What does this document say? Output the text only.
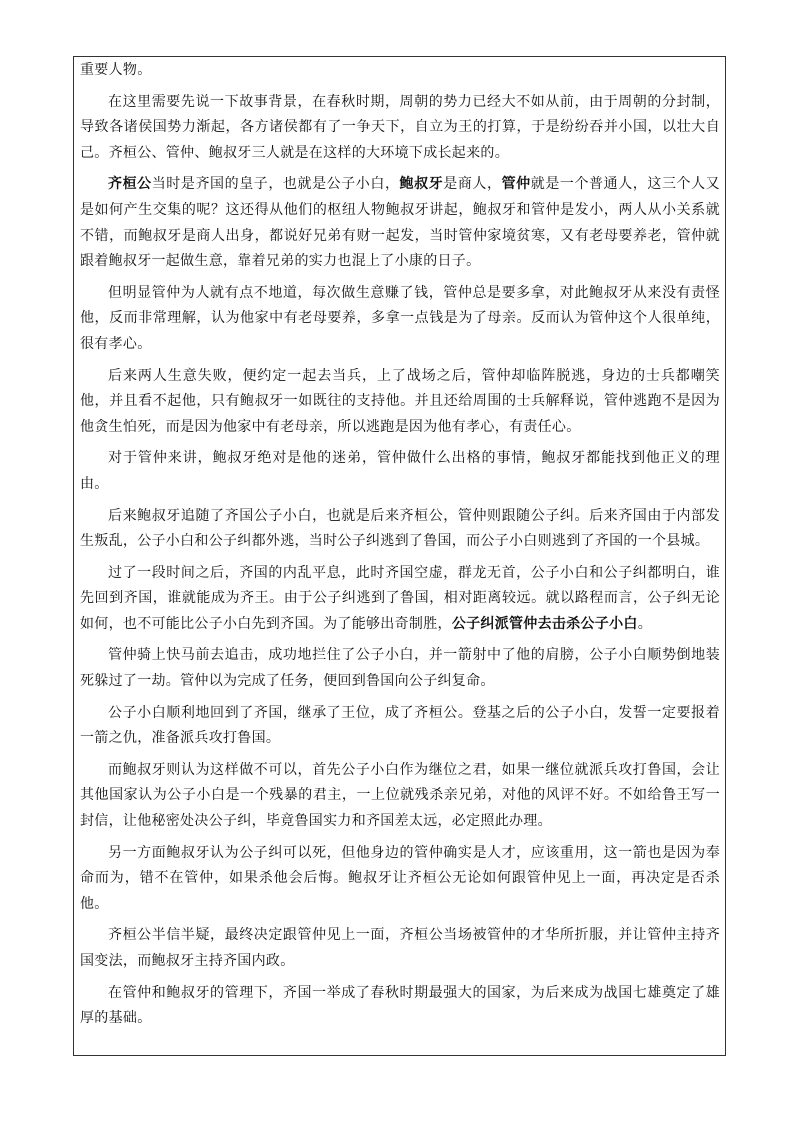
重要人物。

在这里需要先说一下故事背景，在春秋时期，周朝的势力已经大不如从前，由于周朝的分封制，导致各诸侯国势力渐起，各方诸侯都有了一争天下，自立为王的打算，于是纷纷吞并小国，以壮大自己。齐桓公、管仲、鲍叔牙三人就是在这样的大环境下成长起来的。

齐桓公当时是齐国的皇子，也就是公子小白，鲍叔牙是商人，管仲就是一个普通人，这三个人又是如何产生交集的呢？这还得从他们的枢纽人物鲍叔牙讲起，鲍叔牙和管仲是发小，两人从小关系就不错，而鲍叔牙是商人出身，都说好兄弟有财一起发，当时管仲家境贫寒，又有老母要养老，管仲就跟着鲍叔牙一起做生意，靠着兄弟的实力也混上了小康的日子。

但明显管仲为人就有点不地道，每次做生意赚了钱，管仲总是要多拿，对此鲍叔牙从来没有责怪他，反而非常理解，认为他家中有老母要养，多拿一点钱是为了母亲。反而认为管仲这个人很单纯，很有孝心。

后来两人生意失败，便约定一起去当兵，上了战场之后，管仲却临阵脱逃，身边的士兵都嘲笑他，并且看不起他，只有鲍叔牙一如既往的支持他。并且还给周围的士兵解释说，管仲逃跑不是因为他贪生怕死，而是因为他家中有老母亲，所以逃跑是因为他有孝心，有责任心。

对于管仲来讲，鲍叔牙绝对是他的迷弟，管仲做什么出格的事情，鲍叔牙都能找到他正义的理由。

后来鲍叔牙追随了齐国公子小白，也就是后来齐桓公，管仲则跟随公子纠。后来齐国由于内部发生叛乱，公子小白和公子纠都外逃，当时公子纠逃到了鲁国，而公子小白则逃到了齐国的一个县城。

过了一段时间之后，齐国的内乱平息，此时齐国空虚，群龙无首，公子小白和公子纠都明白，谁先回到齐国，谁就能成为齐王。由于公子纠逃到了鲁国，相对距离较远。就以路程而言，公子纠无论如何，也不可能比公子小白先到齐国。为了能够出奇制胜，公子纠派管仲去击杀公子小白。

管仲骑上快马前去追击，成功地拦住了公子小白，并一箭射中了他的肩膀，公子小白顺势倒地装死躲过了一劫。管仲以为完成了任务，便回到鲁国向公子纠复命。

公子小白顺利地回到了齐国，继承了王位，成了齐桓公。登基之后的公子小白，发誓一定要报着一箭之仇，准备派兵攻打鲁国。

而鲍叔牙则认为这样做不可以，首先公子小白作为继位之君，如果一继位就派兵攻打鲁国，会让其他国家认为公子小白是一个残暴的君主，一上位就残杀亲兄弟，对他的风评不好。不如给鲁王写一封信，让他秘密处决公子纠，毕竟鲁国实力和齐国差太远，必定照此办理。

另一方面鲍叔牙认为公子纠可以死，但他身边的管仲确实是人才，应该重用，这一箭也是因为奉命而为，错不在管仲，如果杀他会后悔。鲍叔牙让齐桓公无论如何跟管仲见上一面，再决定是否杀他。

齐桓公半信半疑，最终决定跟管仲见上一面，齐桓公当场被管仲的才华所折服，并让管仲主持齐国变法，而鲍叔牙主持齐国内政。

在管仲和鲍叔牙的管理下，齐国一举成了春秋时期最强大的国家，为后来成为战国七雄奠定了雄厚的基础。
